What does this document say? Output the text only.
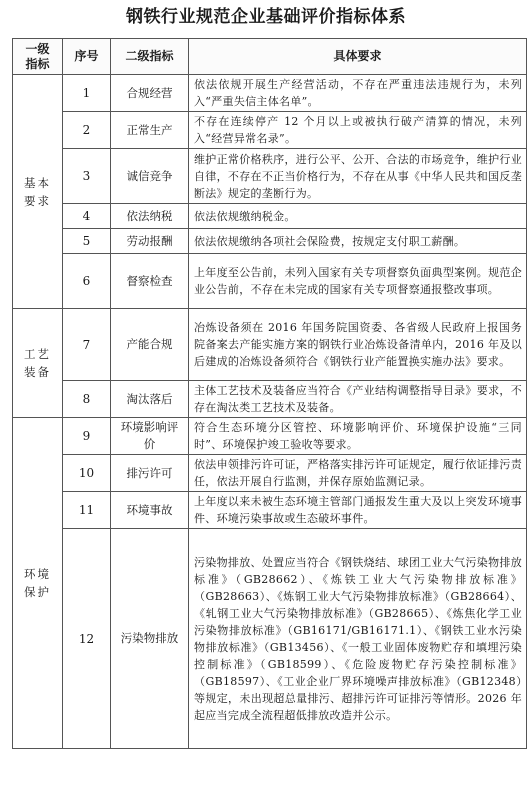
钢铁行业规范企业基础评价指标体系
一级
指标	序号	二级指标	具体要求
基本
要求	1	合规经营	依法依规开展生产经营活动，不存在严重违法违规行为，未列入“严重失信主体名单”。
	2	正常生产	不存在连续停产 12 个月以上或被执行破产清算的情况，未列入“经营异常名录”。
	3	诚信竞争	维护正常价格秩序，进行公平、公开、合法的市场竞争，维护行业自律，不存在不正当价格行为，不存在从事《中华人民共和国反垄断法》规定的垄断行为。
	4	依法纳税	依法依规缴纳税金。
	5	劳动报酬	依法依规缴纳各项社会保险费，按规定支付职工薪酬。
	6	督察检查	上年度至公告前，未列入国家有关专项督察负面典型案例。规范企业公告前，不存在未完成的国家有关专项督察通报整改事项。
工艺
装备	7	产能合规	冶炼设备须在 2016 年国务院国资委、各省级人民政府上报国务院备案去产能实施方案的钢铁行业冶炼设备清单内，2016 年及以后建成的冶炼设备须符合《钢铁行业产能置换实施办法》要求。
	8	淘汰落后	主体工艺技术及装备应当符合《产业结构调整指导目录》要求，不存在淘汰类工艺技术及装备。
环境
保护	9	环境影响评价	符合生态环境分区管控、环境影响评价、环境保护设施“三同时”、环境保护竣工验收等要求。
	10	排污许可	依法申领排污许可证，严格落实排污许可证规定，履行依证排污责任，依法开展自行监测，并保存原始监测记录。
	11	环境事故	上年度以来未被生态环境主管部门通报发生重大及以上突发环境事件、环境污染事故或生态破坏事件。
	12	污染物排放	污染物排放、处置应当符合《钢铁烧结、球团工业大气污染物排放标准》（GB28662）、《炼铁工业大气污染物排放标准》（GB28663）、《炼钢工业大气污染物排放标准》（GB28664）、《轧钢工业大气污染物排放标准》（GB28665）、《炼焦化学工业污染物排放标准》（GB16171/GB16171.1）、《钢铁工业水污染物排放标准》（GB13456）、《一般工业固体废物贮存和填埋污染控制标准》（GB18599）、《危险废物贮存污染控制标准》（GB18597）、《工业企业厂界环境噪声排放标准》（GB12348）等规定，未出现超总量排污、超排污许可证排污等情形。2026 年起应当完成全流程超低排放改造并公示。
